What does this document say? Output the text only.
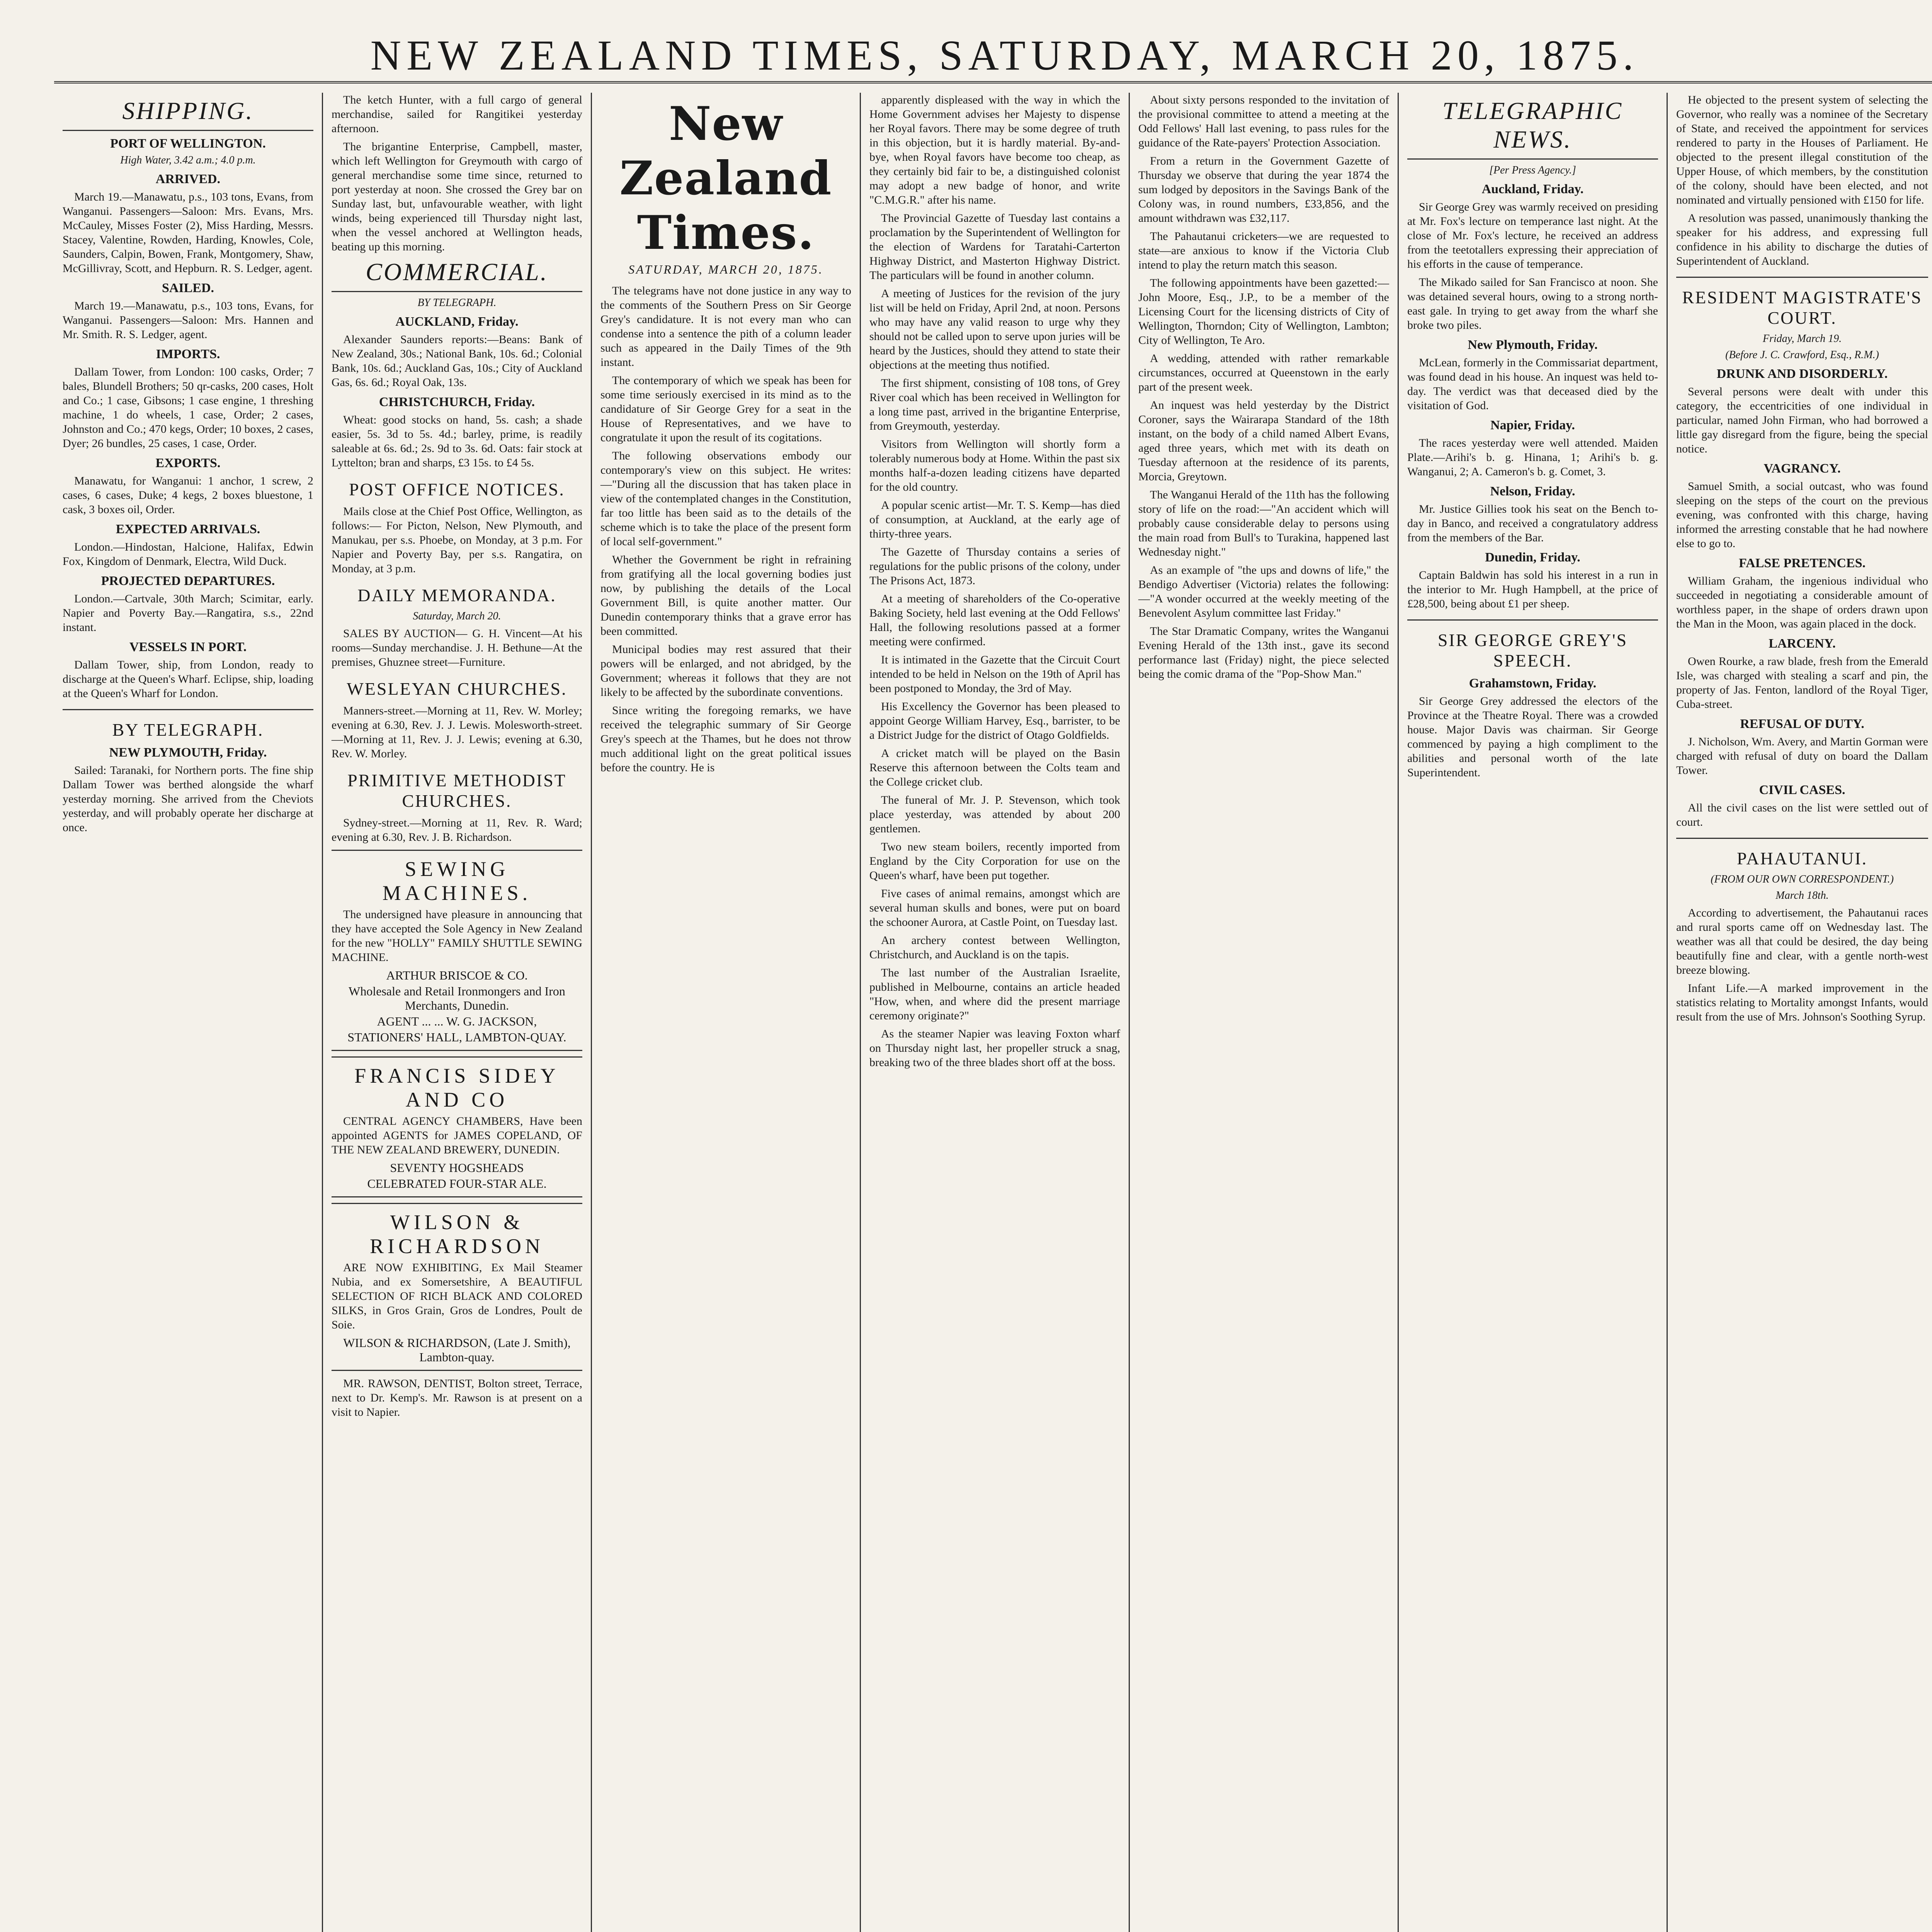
NEW ZEALAND TIMES, SATURDAY, MARCH 20, 1875.
SHIPPING.
PORT OF WELLINGTON.
High Water, 3.42 a.m.; 4.0 p.m.
ARRIVED.

March 19.—Manawatu, p.s., 103 tons, Evans, from Wanganui. Passengers—Saloon: Mrs. Evans, Mrs. McCauley, Misses Foster (2), Miss Harding, Messrs. Stacey, Valentine, Rowden, Harding, Knowles, Cole, Saunders, Calpin, Bowen, Frank, Montgomery, Shaw, McGillivray, Scott, and Hepburn. R. S. Ledger, agent.

SAILED.

March 19.—Manawatu, p.s., 103 tons, Evans, for Wanganui. Passengers—Saloon: Mrs. Hannen and Mr. Smith. R. S. Ledger, agent.

IMPORTS.

Dallam Tower, from London: 100 casks, Order; 7 bales, Blundell Brothers; 50 qr-casks, 200 cases, Holt and Co.; 1 case, Gibsons; 1 case engine, 1 threshing machine, 1 do wheels, 1 case, Order; 2 cases, Johnston and Co.; 470 kegs, Order; 10 boxes, 2 cases, Dyer; 26 bundles, 25 cases, 1 case, Order.

EXPORTS.

Manawatu, for Wanganui: 1 anchor, 1 screw, 2 cases, 6 cases, Duke; 4 kegs, 2 boxes bluestone, 1 cask, 3 boxes oil, Order.

EXPECTED ARRIVALS.

London.—Hindostan, Halcione, Halifax, Edwin Fox, Kingdom of Denmark, Electra, Wild Duck.

PROJECTED DEPARTURES.

London.—Cartvale, 30th March; Scimitar, early. Napier and Poverty Bay.—Rangatira, s.s., 22nd instant.

VESSELS IN PORT.

Dallam Tower, ship, from London, ready to discharge at the Queen's Wharf. Eclipse, ship, loading at the Queen's Wharf for London.

BY TELEGRAPH.
NEW PLYMOUTH, Friday.

Sailed: Taranaki, for Northern ports. The fine ship Dallam Tower was berthed alongside the wharf yesterday morning. She arrived from the Cheviots yesterday, and will probably operate her discharge at once.

The ketch Hunter, with a full cargo of general merchandise, sailed for Rangitikei yesterday afternoon.

The brigantine Enterprise, Campbell, master, which left Wellington for Greymouth with cargo of general merchandise some time since, returned to port yesterday at noon. She crossed the Grey bar on Sunday last, but, unfavourable weather, with light winds, being experienced till Thursday night last, when the vessel anchored at Wellington heads, beating up this morning.

COMMERCIAL.
BY TELEGRAPH.
AUCKLAND, Friday.

Alexander Saunders reports:—Beans: Bank of New Zealand, 30s.; National Bank, 10s. 6d.; Colonial Bank, 10s. 6d.; Auckland Gas, 10s.; City of Auckland Gas, 6s. 6d.; Royal Oak, 13s.

CHRISTCHURCH, Friday.

Wheat: good stocks on hand, 5s. cash; a shade easier, 5s. 3d to 5s. 4d.; barley, prime, is readily saleable at 6s. 6d.; 2s. 9d to 3s. 6d. Oats: fair stock at Lyttelton; bran and sharps, £3 15s. to £4 5s.

POST OFFICE NOTICES.

Mails close at the Chief Post Office, Wellington, as follows:— For Picton, Nelson, New Plymouth, and Manukau, per s.s. Phoebe, on Monday, at 3 p.m. For Napier and Poverty Bay, per s.s. Rangatira, on Monday, at 3 p.m.

DAILY MEMORANDA.
Saturday, March 20.

SALES BY AUCTION— G. H. Vincent—At his rooms—Sunday merchandise. J. H. Bethune—At the premises, Ghuznee street—Furniture.

WESLEYAN CHURCHES.

Manners-street.—Morning at 11, Rev. W. Morley; evening at 6.30, Rev. J. J. Lewis. Molesworth-street.—Morning at 11, Rev. J. J. Lewis; evening at 6.30, Rev. W. Morley.

PRIMITIVE METHODIST CHURCHES.

Sydney-street.—Morning at 11, Rev. R. Ward; evening at 6.30, Rev. J. B. Richardson.

SEWING MACHINES.

The undersigned have pleasure in announcing that they have accepted the Sole Agency in New Zealand for the new "HOLLY" FAMILY SHUTTLE SEWING MACHINE.

ARTHUR BRISCOE & CO.
Wholesale and Retail Ironmongers and Iron Merchants, Dunedin.
AGENT ... ... W. G. JACKSON,
STATIONERS' HALL, LAMBTON-QUAY.
FRANCIS SIDEY AND CO

CENTRAL AGENCY CHAMBERS, Have been appointed AGENTS for JAMES COPELAND, OF THE NEW ZEALAND BREWERY, DUNEDIN.

SEVENTY HOGSHEADS
CELEBRATED FOUR-STAR ALE.
WILSON & RICHARDSON

ARE NOW EXHIBITING, Ex Mail Steamer Nubia, and ex Somersetshire, A BEAUTIFUL SELECTION OF RICH BLACK AND COLORED SILKS, in Gros Grain, Gros de Londres, Poult de Soie.

WILSON & RICHARDSON, (Late J. Smith), Lambton-quay.

MR. RAWSON, DENTIST, Bolton street, Terrace, next to Dr. Kemp's. Mr. Rawson is at present on a visit to Napier.

New Zealand Times.
SATURDAY, MARCH 20, 1875.

The telegrams have not done justice in any way to the comments of the Southern Press on Sir George Grey's candidature. It is not every man who can condense into a sentence the pith of a column leader such as appeared in the Daily Times of the 9th instant.

The contemporary of which we speak has been for some time seriously exercised in its mind as to the candidature of Sir George Grey for a seat in the House of Representatives, and we have to congratulate it upon the result of its cogitations.

The following observations embody our contemporary's view on this subject. He writes:—"During all the discussion that has taken place in view of the contemplated changes in the Constitution, far too little has been said as to the details of the scheme which is to take the place of the present form of local self-government."

Whether the Government be right in refraining from gratifying all the local governing bodies just now, by publishing the details of the Local Government Bill, is quite another matter. Our Dunedin contemporary thinks that a grave error has been committed.

Municipal bodies may rest assured that their powers will be enlarged, and not abridged, by the Government; whereas it follows that they are not likely to be affected by the subordinate conventions.

Since writing the foregoing remarks, we have received the telegraphic summary of Sir George Grey's speech at the Thames, but he does not throw much additional light on the great political issues before the country. He is

apparently displeased with the way in which the Home Government advises her Majesty to dispense her Royal favors. There may be some degree of truth in this objection, but it is hardly material. By-and-bye, when Royal favors have become too cheap, as they certainly bid fair to be, a distinguished colonist may adopt a new badge of honor, and write "C.M.G.R." after his name.

The Provincial Gazette of Tuesday last contains a proclamation by the Superintendent of Wellington for the election of Wardens for Taratahi-Carterton Highway District, and Masterton Highway District. The particulars will be found in another column.

A meeting of Justices for the revision of the jury list will be held on Friday, April 2nd, at noon. Persons who may have any valid reason to urge why they should not be called upon to serve upon juries will be heard by the Justices, should they attend to state their objections at the meeting thus notified.

The first shipment, consisting of 108 tons, of Grey River coal which has been received in Wellington for a long time past, arrived in the brigantine Enterprise, from Greymouth, yesterday.

Visitors from Wellington will shortly form a tolerably numerous body at Home. Within the past six months half-a-dozen leading citizens have departed for the old country.

A popular scenic artist—Mr. T. S. Kemp—has died of consumption, at Auckland, at the early age of thirty-three years.

The Gazette of Thursday contains a series of regulations for the public prisons of the colony, under The Prisons Act, 1873.

At a meeting of shareholders of the Co-operative Baking Society, held last evening at the Odd Fellows' Hall, the following resolutions passed at a former meeting were confirmed.

It is intimated in the Gazette that the Circuit Court intended to be held in Nelson on the 19th of April has been postponed to Monday, the 3rd of May.

His Excellency the Governor has been pleased to appoint George William Harvey, Esq., barrister, to be a District Judge for the district of Otago Goldfields.

A cricket match will be played on the Basin Reserve this afternoon between the Colts team and the College cricket club.

The funeral of Mr. J. P. Stevenson, which took place yesterday, was attended by about 200 gentlemen.

Two new steam boilers, recently imported from England by the City Corporation for use on the Queen's wharf, have been put together.

Five cases of animal remains, amongst which are several human skulls and bones, were put on board the schooner Aurora, at Castle Point, on Tuesday last.

An archery contest between Wellington, Christchurch, and Auckland is on the tapis.

The last number of the Australian Israelite, published in Melbourne, contains an article headed "How, when, and where did the present marriage ceremony originate?"

As the steamer Napier was leaving Foxton wharf on Thursday night last, her propeller struck a snag, breaking two of the three blades short off at the boss.

About sixty persons responded to the invitation of the provisional committee to attend a meeting at the Odd Fellows' Hall last evening, to pass rules for the guidance of the Rate-payers' Protection Association.

From a return in the Government Gazette of Thursday we observe that during the year 1874 the sum lodged by depositors in the Savings Bank of the Colony was, in round numbers, £33,856, and the amount withdrawn was £32,117.

The Pahautanui cricketers—we are requested to state—are anxious to know if the Victoria Club intend to play the return match this season.

The following appointments have been gazetted:—John Moore, Esq., J.P., to be a member of the Licensing Court for the licensing districts of City of Wellington, Thorndon; City of Wellington, Lambton; City of Wellington, Te Aro.

A wedding, attended with rather remarkable circumstances, occurred at Queenstown in the early part of the present week.

An inquest was held yesterday by the District Coroner, says the Wairarapa Standard of the 18th instant, on the body of a child named Albert Evans, aged three years, which met with its death on Tuesday afternoon at the residence of its parents, Morcia, Greytown.

The Wanganui Herald of the 11th has the following story of life on the road:—"An accident which will probably cause considerable delay to persons using the main road from Bull's to Turakina, happened last Wednesday night."

As an example of "the ups and downs of life," the Bendigo Advertiser (Victoria) relates the following:—"A wonder occurred at the weekly meeting of the Benevolent Asylum committee last Friday."

The Star Dramatic Company, writes the Wanganui Evening Herald of the 13th inst., gave its second performance last (Friday) night, the piece selected being the comic drama of the "Pop-Show Man."

TELEGRAPHIC NEWS.
[Per Press Agency.]
Auckland, Friday.

Sir George Grey was warmly received on presiding at Mr. Fox's lecture on temperance last night. At the close of Mr. Fox's lecture, he received an address from the teetotallers expressing their appreciation of his efforts in the cause of temperance.

The Mikado sailed for San Francisco at noon. She was detained several hours, owing to a strong north-east gale. In trying to get away from the wharf she broke two piles.

New Plymouth, Friday.

McLean, formerly in the Commissariat department, was found dead in his house. An inquest was held to-day. The verdict was that deceased died by the visitation of God.

Napier, Friday.

The races yesterday were well attended. Maiden Plate.—Arihi's b. g. Hinana, 1; Arihi's b. g. Wanganui, 2; A. Cameron's b. g. Comet, 3.

Nelson, Friday.

Mr. Justice Gillies took his seat on the Bench to-day in Banco, and received a congratulatory address from the members of the Bar.

Dunedin, Friday.

Captain Baldwin has sold his interest in a run in the interior to Mr. Hugh Hampbell, at the price of £28,500, being about £1 per sheep.

SIR GEORGE GREY'S SPEECH.
Grahamstown, Friday.

Sir George Grey addressed the electors of the Province at the Theatre Royal. There was a crowded house. Major Davis was chairman. Sir George commenced by paying a high compliment to the abilities and personal worth of the late Superintendent.

He objected to the present system of selecting the Governor, who really was a nominee of the Secretary of State, and received the appointment for services rendered to party in the Houses of Parliament. He objected to the present illegal constitution of the Upper House, of which members, by the constitution of the colony, should have been elected, and not nominated and virtually pensioned with £150 for life.

A resolution was passed, unanimously thanking the speaker for his address, and expressing full confidence in his ability to discharge the duties of Superintendent of Auckland.

RESIDENT MAGISTRATE'S COURT.
Friday, March 19.
(Before J. C. Crawford, Esq., R.M.)
DRUNK AND DISORDERLY.

Several persons were dealt with under this category, the eccentricities of one individual in particular, named John Firman, who had borrowed a little gay disregard from the figure, being the special notice.

VAGRANCY.

Samuel Smith, a social outcast, who was found sleeping on the steps of the court on the previous evening, was confronted with this charge, having informed the arresting constable that he had nowhere else to go to.

FALSE PRETENCES.

William Graham, the ingenious individual who succeeded in negotiating a considerable amount of worthless paper, in the shape of orders drawn upon the Man in the Moon, was again placed in the dock.

LARCENY.

Owen Rourke, a raw blade, fresh from the Emerald Isle, was charged with stealing a scarf and pin, the property of Jas. Fenton, landlord of the Royal Tiger, Cuba-street.

REFUSAL OF DUTY.

J. Nicholson, Wm. Avery, and Martin Gorman were charged with refusal of duty on board the Dallam Tower.

CIVIL CASES.

All the civil cases on the list were settled out of court.

PAHAUTANUI.
(FROM OUR OWN CORRESPONDENT.)
March 18th.

According to advertisement, the Pahautanui races and rural sports came off on Wednesday last. The weather was all that could be desired, the day being beautifully fine and clear, with a gentle north-west breeze blowing.

Infant Life.—A marked improvement in the statistics relating to Mortality amongst Infants, would result from the use of Mrs. Johnson's Soothing Syrup.
